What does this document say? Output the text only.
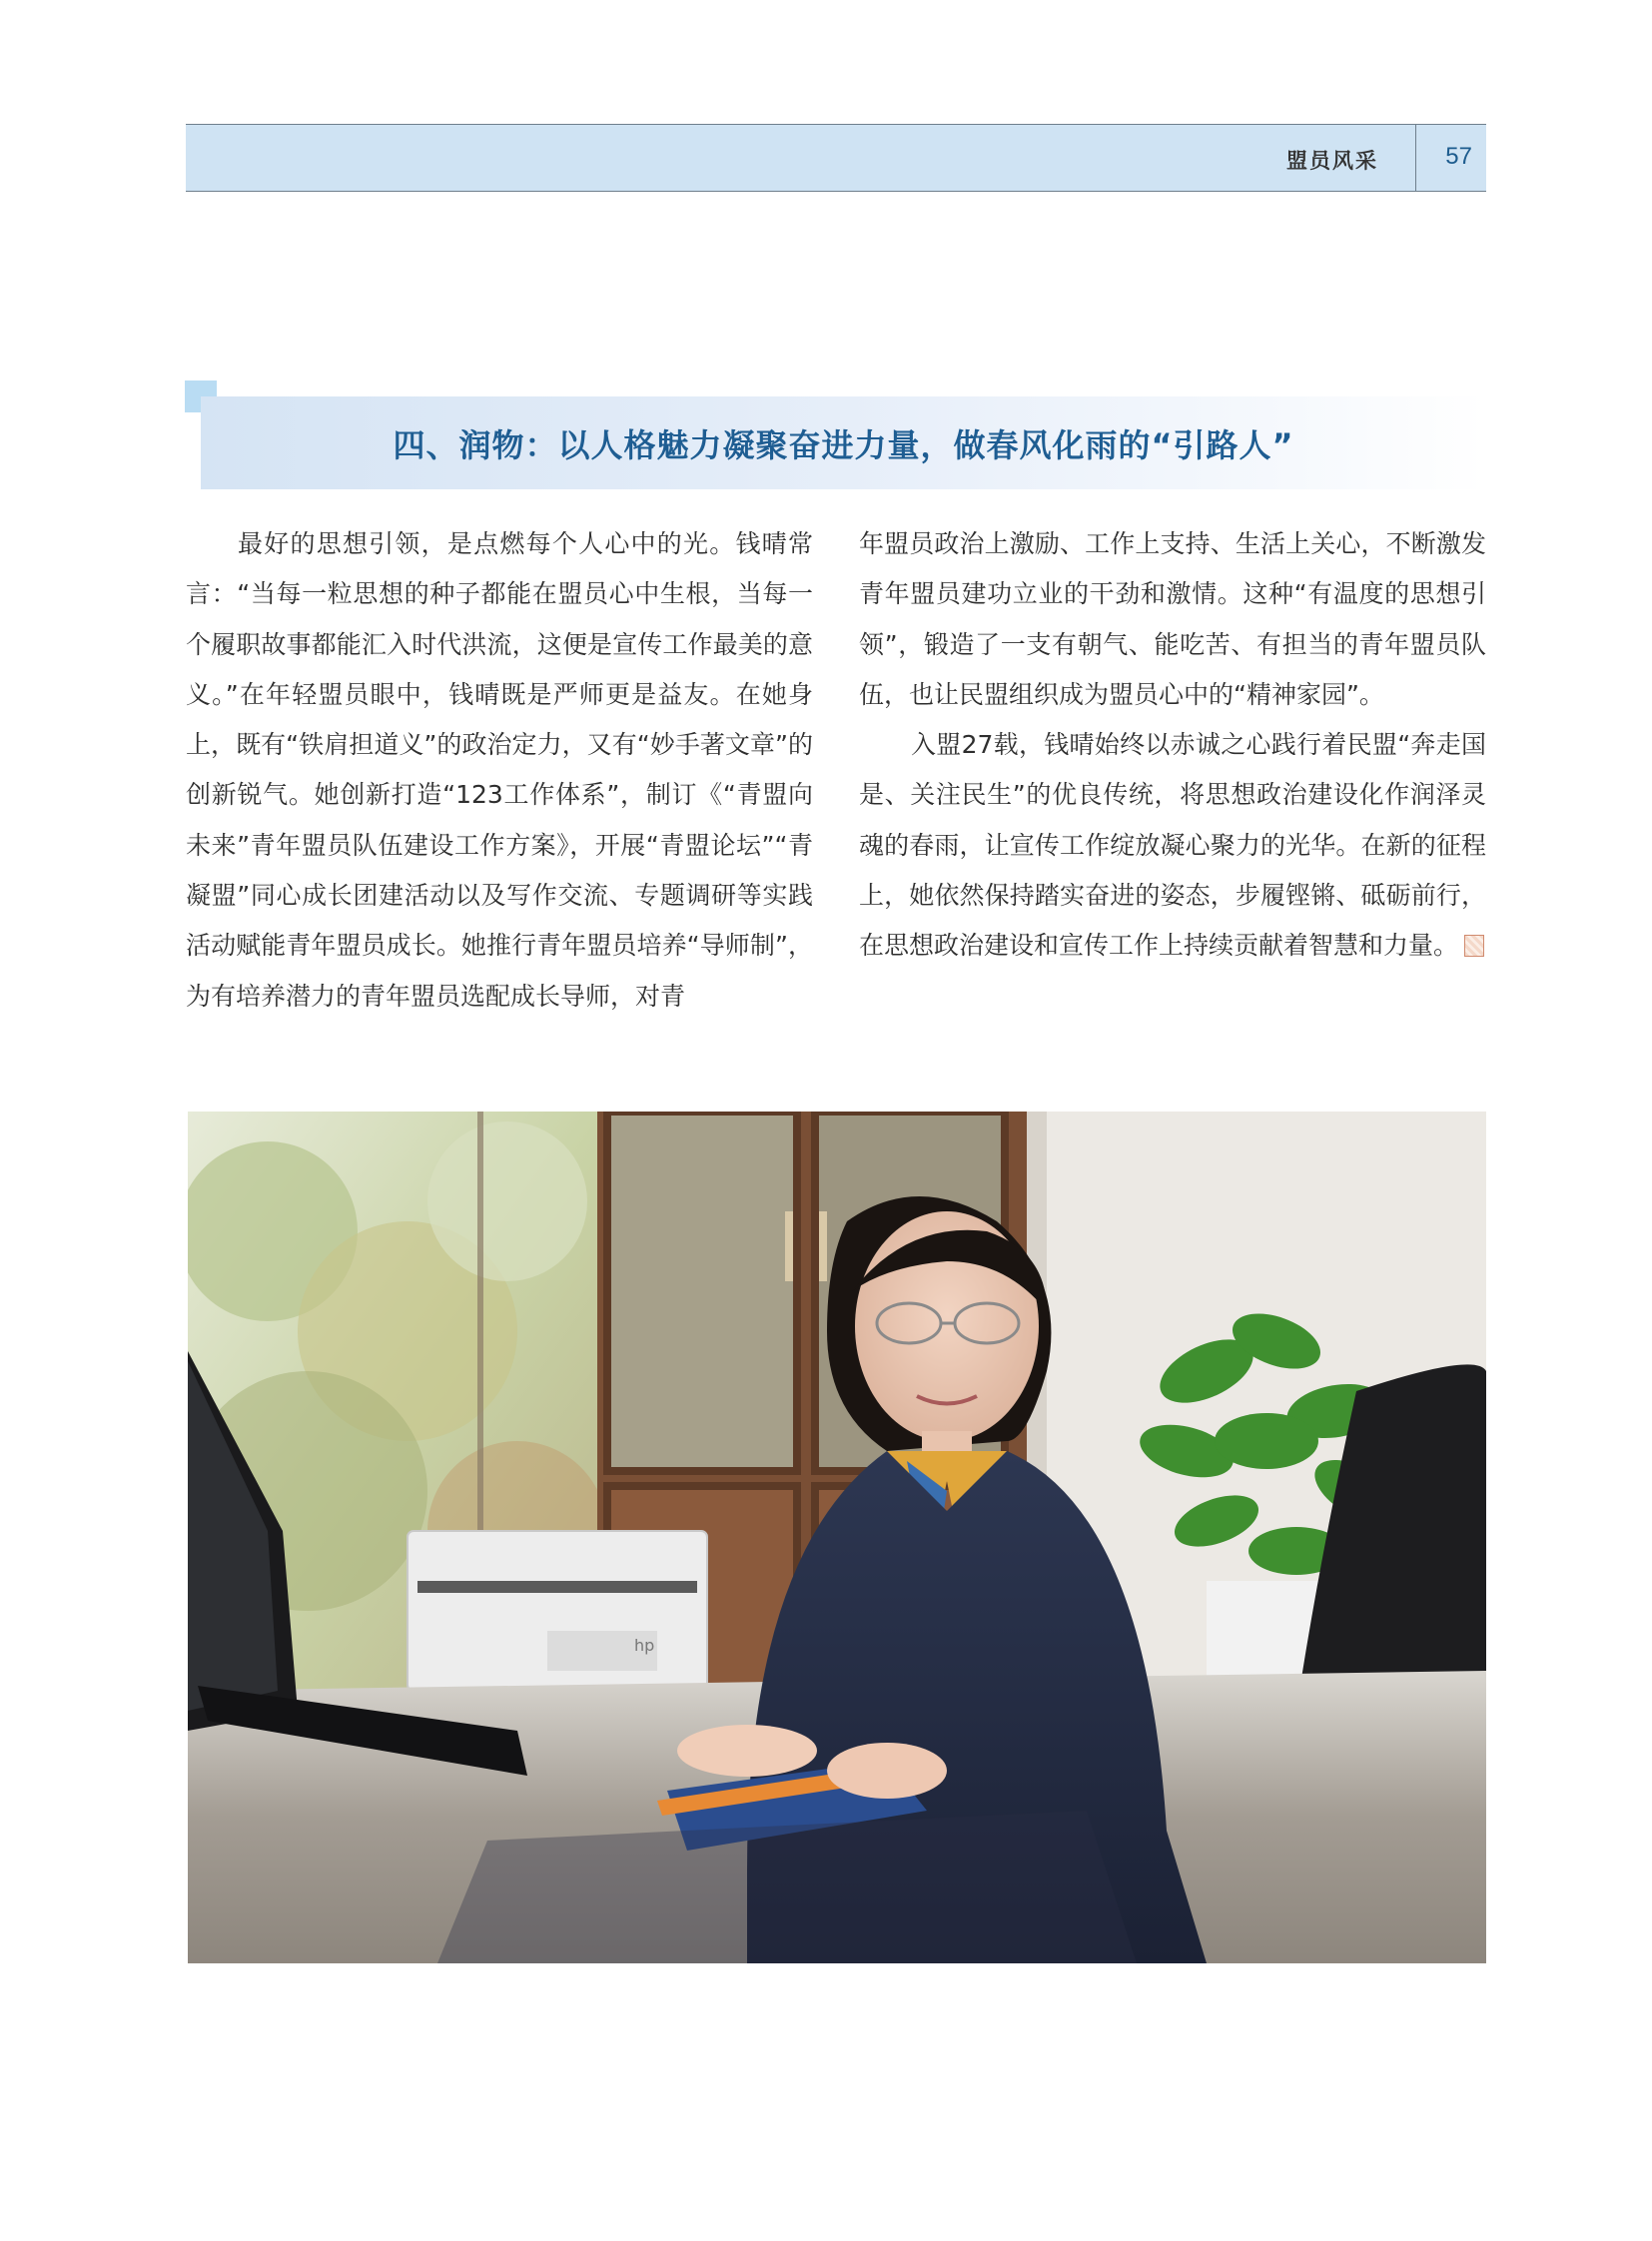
盟员风采	57
四、润物：以人格魅力凝聚奋进力量，做春风化雨的“引路人”

最好的思想引领，是点燃每个人心中的光。钱晴常言：“当每一粒思想的种子都能在盟员心中生根，当每一个履职故事都能汇入时代洪流，这便是宣传工作最美的意义。”在年轻盟员眼中，钱晴既是严师更是益友。在她身上，既有“铁肩担道义”的政治定力，又有“妙手著文章”的创新锐气。她创新打造“123工作体系”，制订《“青盟向未来”青年盟员队伍建设工作方案》，开展“青盟论坛”“青凝盟”同心成长团建活动以及写作交流、专题调研等实践活动赋能青年盟员成长。她推行青年盟员培养“导师制”，为有培养潜力的青年盟员选配成长导师，对青

年盟员政治上激励、工作上支持、生活上关心，不断激发青年盟员建功立业的干劲和激情。这种“有温度的思想引领”，锻造了一支有朝气、能吃苦、有担当的青年盟员队伍，也让民盟组织成为盟员心中的“精神家园”。

入盟27载，钱晴始终以赤诚之心践行着民盟“奔走国是、关注民生”的优良传统，将思想政治建设化作润泽灵魂的春雨，让宣传工作绽放凝心聚力的光华。在新的征程上，她依然保持踏实奋进的姿态，步履铿锵、砥砺前行，在思想政治建设和宣传工作上持续贡献着智慧和力量。

hp
